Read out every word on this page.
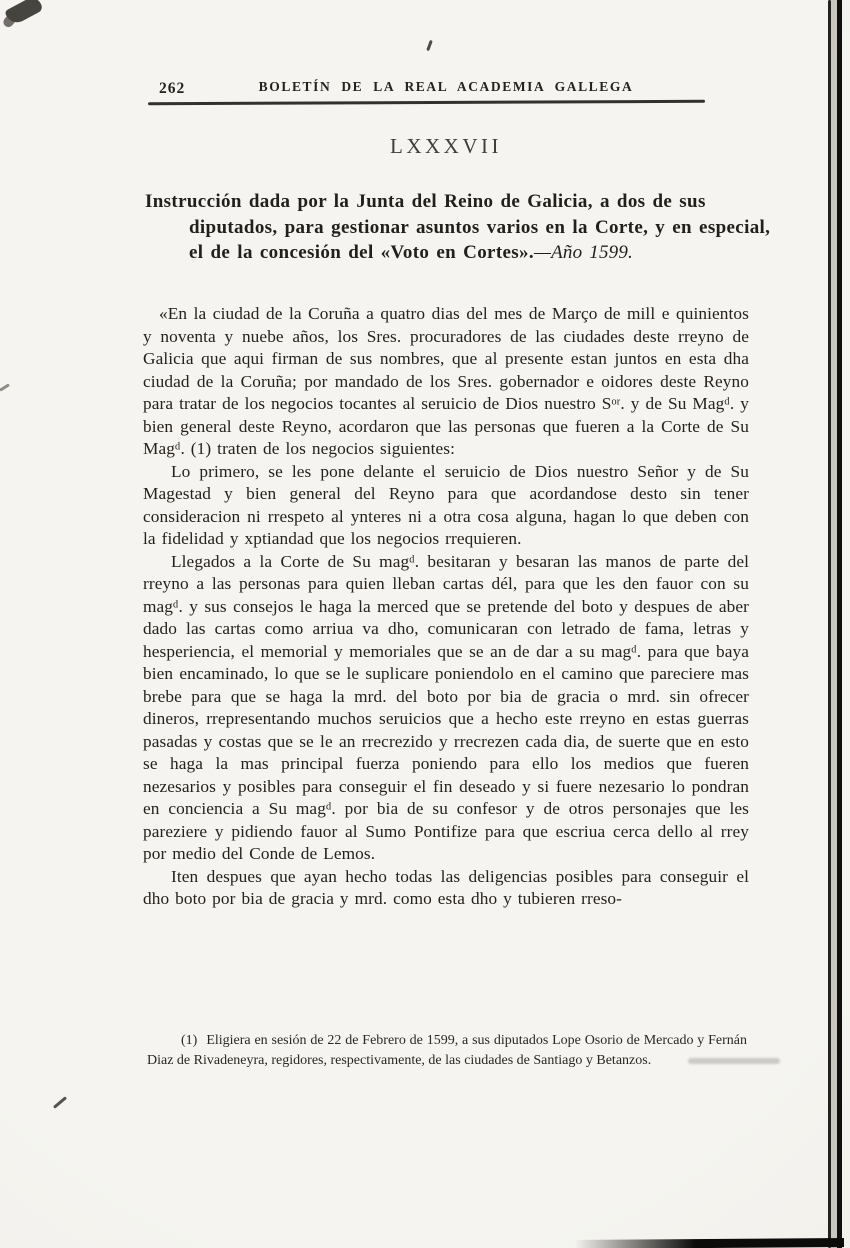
262	BOLETÍN DE LA REAL ACADEMIA GALLEGA
LXXXVII
Instrucción dada por la Junta del Reino de Galicia, a dos de sus diputados, para gestionar asuntos varios en la Corte, y en especial, el de la concesión del «Voto en Cortes».—Año 1599.

«En la ciudad de la Coruña a quatro dias del mes de Março de mill e quinientos y noventa y nuebe años, los Sres. procuradores de las ciudades deste rreyno de Galicia que aqui firman de sus nombres, que al presente estan juntos en esta dha ciudad de la Coruña; por mandado de los Sres. gobernador e oidores deste Reyno para tratar de los negocios tocantes al seruicio de Dios nuestro Sᵒʳ. y de Su Magᵈ. y bien general deste Reyno, acordaron que las personas que fueren a la Corte de Su Magᵈ. (1) traten de los negocios siguientes:

Lo primero, se les pone delante el seruicio de Dios nuestro Señor y de Su Magestad y bien general del Reyno para que acordandose desto sin tener consideracion ni rrespeto al ynteres ni a otra cosa alguna, hagan lo que deben con la fidelidad y xptiandad que los negocios rrequieren.

Llegados a la Corte de Su magᵈ. besitaran y besaran las manos de parte del rreyno a las personas para quien lleban cartas dél, para que les den fauor con su magᵈ. y sus consejos le haga la merced que se pretende del boto y despues de aber dado las cartas como arriua va dho, comunicaran con letrado de fama, letras y hesperiencia, el memorial y memoriales que se an de dar a su magᵈ. para que baya bien encaminado, lo que se le suplicare poniendolo en el camino que pareciere mas brebe para que se haga la mrd. del boto por bia de gracia o mrd. sin ofrecer dineros, rrepresentando muchos seruicios que a hecho este rreyno en estas guerras pasadas y costas que se le an rrecrezido y rrecrezen cada dia, de suerte que en esto se haga la mas principal fuerza poniendo para ello los medios que fueren nezesarios y posibles para conseguir el fin deseado y si fuere nezesario lo pondran en conciencia a Su magᵈ. por bia de su confesor y de otros personajes que les pareziere y pidiendo fauor al Sumo Pontifize para que escriua cerca dello al rrey por medio del Conde de Lemos.

Iten despues que ayan hecho todas las deligencias posibles para conseguir el dho boto por bia de gracia y mrd. como esta dho y tubieren rreso-

(1) Eligiera en sesión de 22 de Febrero de 1599, a sus diputados Lope Osorio de Mercado y Fernán Diaz de Rivadeneyra, regidores, respectivamente, de las ciudades de Santiago y Betanzos.
